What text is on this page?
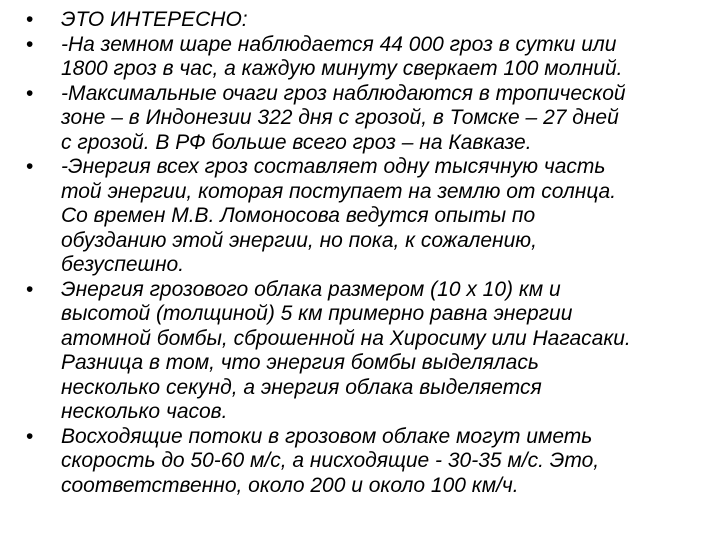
• ЭТО ИНТЕРЕСНО:
• -На земном шаре наблюдается 44 000 гроз в сутки или
1800 гроз в час, а каждую минуту сверкает 100 молний.
• -Максимальные очаги гроз наблюдаются в тропической
зоне – в Индонезии 322 дня с грозой, в Томске – 27 дней
с грозой. В РФ больше всего гроз – на Кавказе.
• -Энергия всех гроз составляет одну тысячную часть
той энергии, которая поступает на землю от солнца.
Со времен М.В. Ломоносова ведутся опыты по
обузданию этой энергии, но пока, к сожалению,
безуспешно.
• Энергия грозового облака размером (10 х 10) км и
высотой (толщиной) 5 км примерно равна энергии
атомной бомбы, сброшенной на Хиросиму или Нагасаки.
Разница в том, что энергия бомбы выделялась
несколько секунд, а энергия облака выделяется
несколько часов.
• Восходящие потоки в грозовом облаке могут иметь
скорость до 50-60 м/с, а нисходящие - 30-35 м/с. Это,
соответственно, около 200 и около 100 км/ч.
